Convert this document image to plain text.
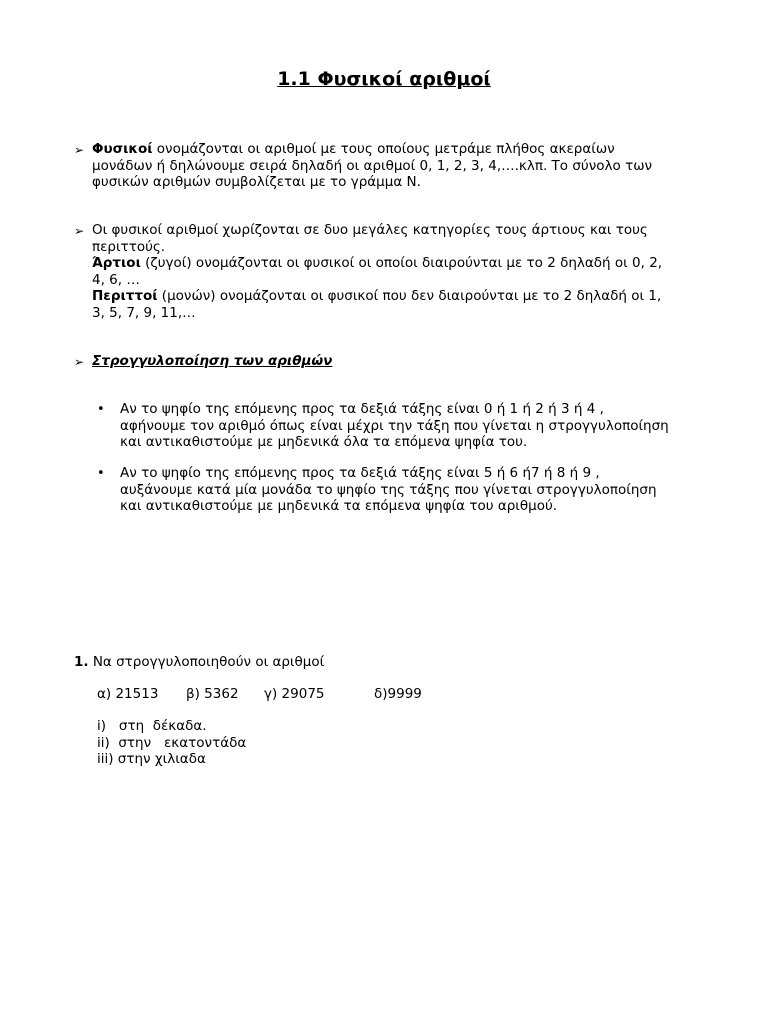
1.1 Φυσικοί αριθμοί
➢ Φυσικοί ονομάζονται οι αριθμοί με τους οποίους μετράμε πλήθος ακεραίων
μονάδων ή δηλώνουμε σειρά δηλαδή οι αριθμοί 0, 1, 2, 3, 4,….κλπ. Το σύνολο των
φυσικών αριθμών συμβολίζεται με το γράμμα Ν.
➢ Οι φυσικοί αριθμοί χωρίζονται σε δυο μεγάλες κατηγορίες τους άρτιους και τους
περιττούς.
Άρτιοι (ζυγοί) ονομάζονται οι φυσικοί οι οποίοι διαιρούνται με το 2 δηλαδή οι 0, 2,
4, 6, …
Περιττοί (μονών) ονομάζονται οι φυσικοί που δεν διαιρούνται με το 2 δηλαδή οι 1,
3, 5, 7, 9, 11,…
➢ Στρογγυλοποίηση των αριθμών
• Αν το ψηφίο της επόμενης προς τα δεξιά τάξης είναι 0 ή 1 ή 2 ή 3 ή 4 ,
αφήνουμε τον αριθμό όπως είναι μέχρι την τάξη που γίνεται η στρογγυλοποίηση
και αντικαθιστούμε με μηδενικά όλα τα επόμενα ψηφία του.
• Αν το ψηφίο της επόμενης προς τα δεξιά τάξης είναι 5 ή 6 ή7 ή 8 ή 9 ,
αυξάνουμε κατά μία μονάδα το ψηφίο της τάξης που γίνεται στρογγυλοποίηση
και αντικαθιστούμε με μηδενικά τα επόμενα ψηφία του αριθμού.
1. Να στρογγυλοποιηθούν οι αριθμοί
α) 21513 β) 5362 γ) 29075	δ)9999
i)   στη  δέκαδα.
ii)  στην   εκατοντάδα
iii) στην χιλιαδα
